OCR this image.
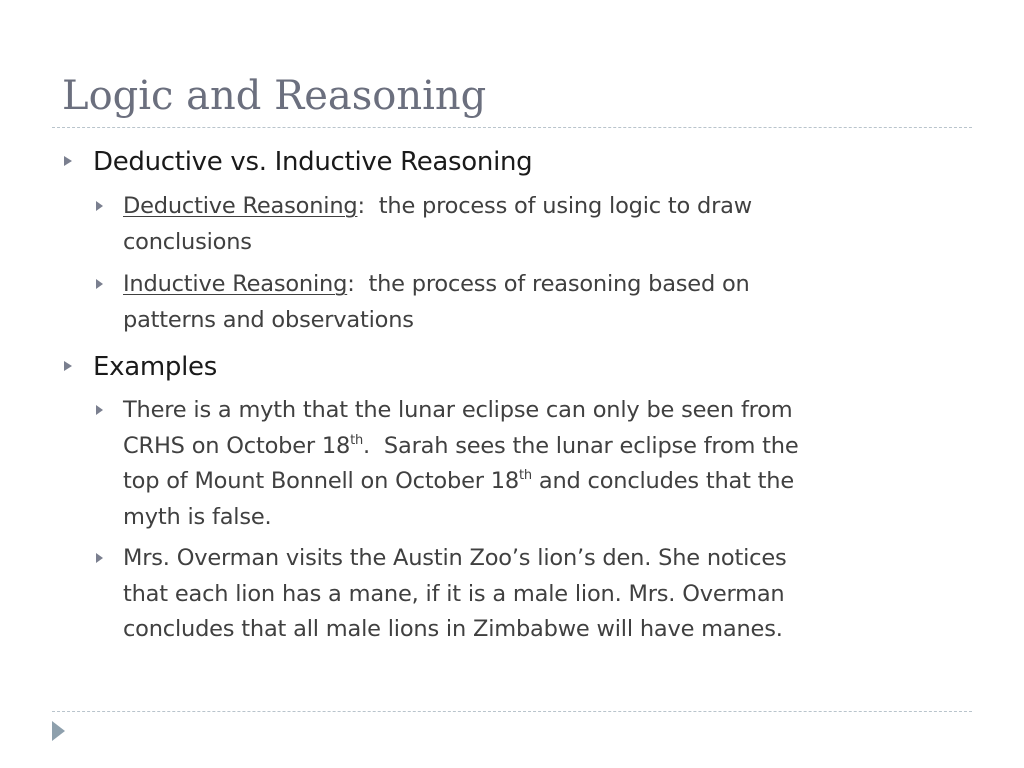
Logic and Reasoning
Deductive vs. Inductive Reasoning
Deductive Reasoning:  the process of using logic to draw
conclusions
Inductive Reasoning:  the process of reasoning based on
patterns and observations
Examples
There is a myth that the lunar eclipse can only be seen from
CRHS on October 18th.  Sarah sees the lunar eclipse from the
top of Mount Bonnell on October 18th and concludes that the
myth is false.
Mrs. Overman visits the Austin Zoo’s lion’s den. She notices
that each lion has a mane, if it is a male lion. Mrs. Overman
concludes that all male lions in Zimbabwe will have manes.
